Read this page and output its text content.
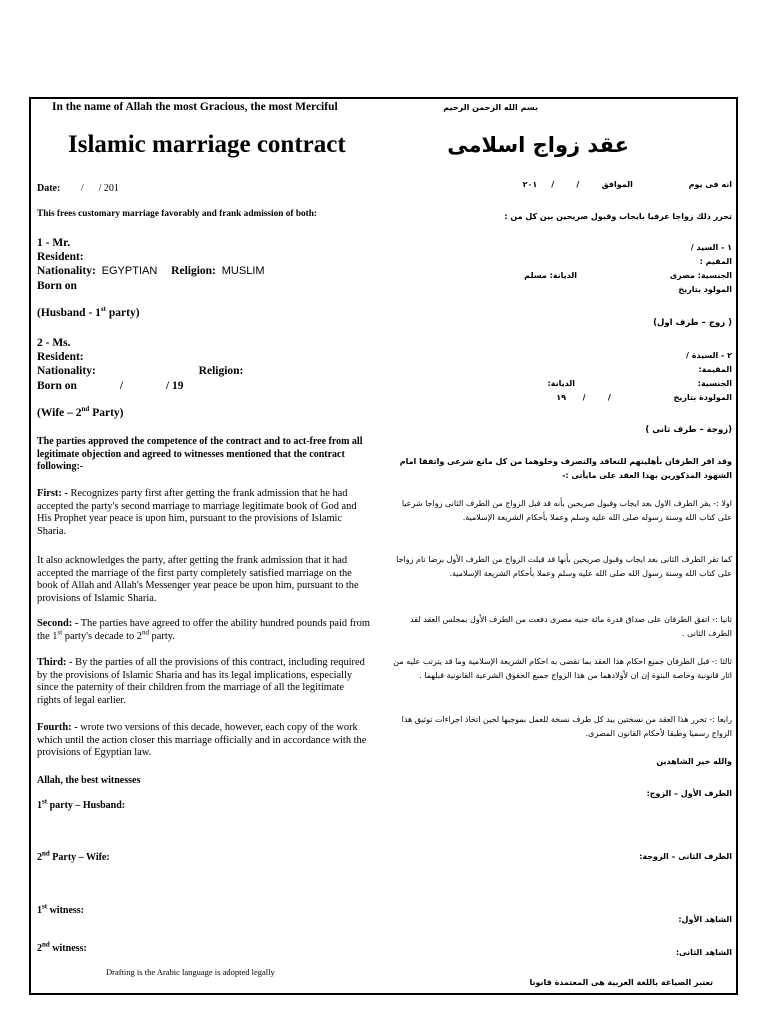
In the name of Allah the most Gracious, the most Merciful	بسم الله الرحمن الرحيم
Islamic marriage contract	عقد زواج اسلامى
Date: /      / 201
This frees customary marriage favorably and frank admission of both:
1 - Mr.
Resident:
Nationality: EGYPTIAN Religion: MUSLIM
Born on
(Husband - 1st party)
2 - Ms.
Resident:
Nationality:	Religion:
Born on	/	/ 19
(Wife – 2nd Party)
The parties approved the competence of the contract and to act-free from all legitimate objection and agreed to witnesses mentioned that the contract following:-
First: - Recognizes party first after getting the frank admission that he had accepted the party's second marriage to marriage legitimate book of God and His Prophet year peace is upon him, pursuant to the provisions of Islamic Sharia.
It also acknowledges the party, after getting the frank admission that it had accepted the marriage of the first party completely satisfied marriage on the book of Allah and Allah's Messenger year peace be upon him, pursuant to the provisions of Islamic Sharia.
Second: - The parties have agreed to offer the ability hundred pounds paid from the 1st party's decade to 2nd party.
Third: - By the parties of all the provisions of this contract, including required by the provisions of Islamic Sharia and has its legal implications, especially since the paternity of their children from the marriage of all the legitimate rights of legal earlier.
Fourth: - wrote two versions of this decade, however, each copy of the work which until the action closer this marriage officially and in accordance with the provisions of Egyptian law.
Allah, the best witnesses
1st party – Husband:
2nd Party – Wife:
1st witness:
2nd witness:
Drafting is the Arabic language is adopted legally
انه فى يوم                    الموافق        /        /     ٢٠١
تحرر ذلك زواجا عرفيا بايجاب وقبول صريحين بين كل من :
١ - السيد /
المقيم :
الجنسية: مصرى الديانة: مسلم
المولود بتاريخ
( زوج – طرف اول)
٢ - السيدة /
المقيمة:
الجنسية: الديانة:
المولودة بتاريخ /        /      ١٩
(زوجة – طرف ثانى )
وقد اقر الطرفان بأهليتهم للتعاقد والتصرف وخلوهما من كل مانع شرعى واتفقا امام الشهود المذكورين بهذا العقد على مايأتى :-
اولا :- يقر الطرف الاول بعد ايجاب وقبول صريحين بأنه قد قبل الزواج من الطرف الثانى زواجا شرعيا على كتاب الله وسنة رسوله صلى الله عليه وسلم وعملا بأحكام الشريعة الإسلامية.
كما تقر الطرف الثانى بعد ايجاب وقبول صريحين بأنها قد قبلت الزواج من الطرف الأول برضا تام زواجا على كتاب الله وسنة رسول الله صلى الله عليه وسلم وعملا بأحكام الشريعة الإسلامية.
ثانيا :- اتفق الطرفان على صداق قدرة مائة جنيه مصرى دفعت من الطرف الأول بمجلس العقد لقد الطرف الثانى .
ثالثا :- قبل الطرفان جميع احكام هذا العقد بما تقضى به احكام الشريعة الإسلامية وما قد يترتب عليه من اثار قانونية وخاصة البنوة إن ان لأولادهما من هذا الزواج جميع الحقوق الشرعية القانونية قبلهما .
رابعا :- تحرر هذا العقد من نسختين بيد كل طرف نسخة للعمل بموجبها لحين اتخاذ اجراءات توثيق هذا الزواج رسميا وطبقا لأحكام القانون المصرى.
والله خير الشاهدين
الطرف الأول – الزوج:
الطرف الثانى – الزوجة:
الشاهد الأول:
الشاهد الثانى:
تعتبر الصياغة باللغة العربية هى المعتمدة قانونا
